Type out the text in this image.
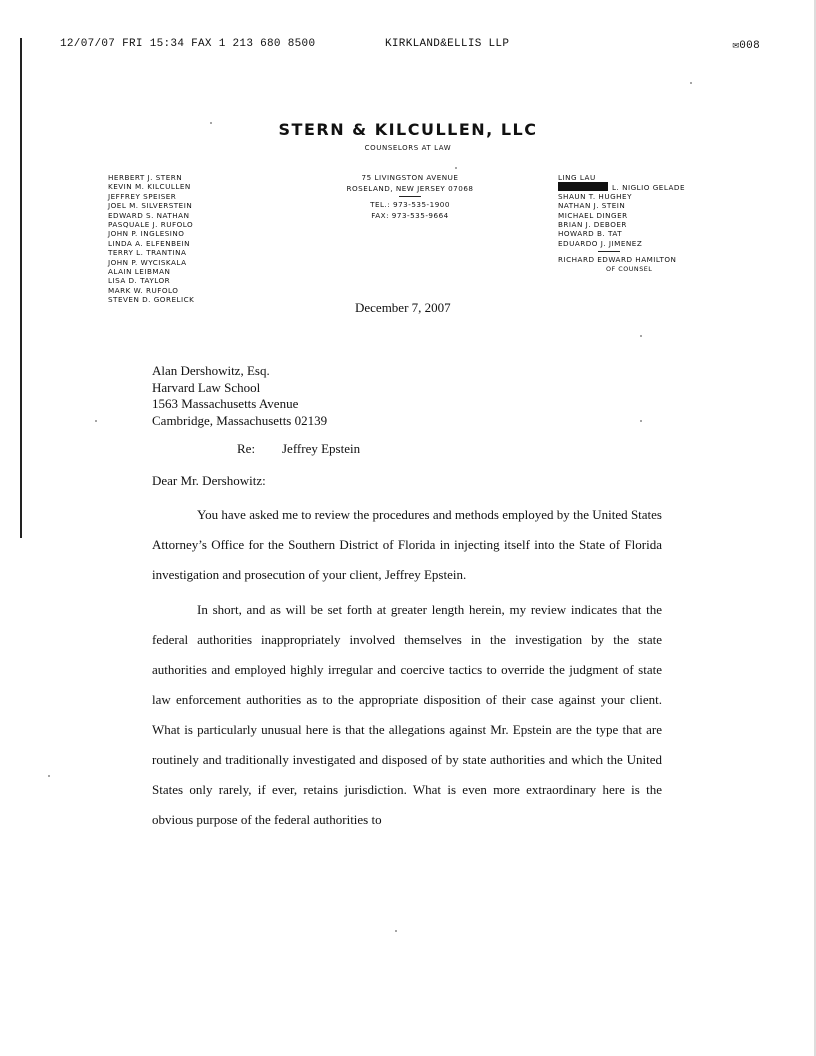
12/07/07 FRI 15:34 FAX 1 213 680 8500	KIRKLAND&ELLIS LLP	✉008
STERN & KILCULLEN, LLC
COUNSELORS AT LAW
HERBERT J. STERN
KEVIN M. KILCULLEN
JEFFREY SPEISER
JOEL M. SILVERSTEIN
EDWARD S. NATHAN
PASQUALE J. RUFOLO
JOHN P. INGLESINO
LINDA A. ELFENBEIN
TERRY L. TRANTINA
JOHN P. WYCISKALA
ALAIN LEIBMAN
LISA D. TAYLOR
MARK W. RUFOLO
STEVEN D. GORELICK
75 LIVINGSTON AVENUE
ROSELAND, NEW JERSEY 07068
TEL.: 973-535-1900
FAX: 973-535-9664
LING LAU
L. NIGLIO GELADE
SHAUN T. HUGHEY
NATHAN J. STEIN
MICHAEL DINGER
BRIAN J. DEBOER
HOWARD B. TAT
EDUARDO J. JIMENEZ
RICHARD EDWARD HAMILTON
OF COUNSEL
December 7, 2007
Alan Dershowitz, Esq.
Harvard Law School
1563 Massachusetts Avenue
Cambridge, Massachusetts 02139
Re: Jeffrey Epstein
Dear Mr. Dershowitz:

You have asked me to review the procedures and methods employed by the United States Attorney’s Office for the Southern District of Florida in injecting itself into the State of Florida investigation and prosecution of your client, Jeffrey Epstein.

In short, and as will be set forth at greater length herein, my review indicates that the federal authorities inappropriately involved themselves in the investigation by the state authorities and employed highly irregular and coercive tactics to override the judgment of state law enforcement authorities as to the appropriate disposition of their case against your client. What is particularly unusual here is that the allegations against Mr. Epstein are the type that are routinely and traditionally investigated and disposed of by state authorities and which the United States only rarely, if ever, retains jurisdiction. What is even more extraordinary here is the obvious purpose of the federal authorities to
